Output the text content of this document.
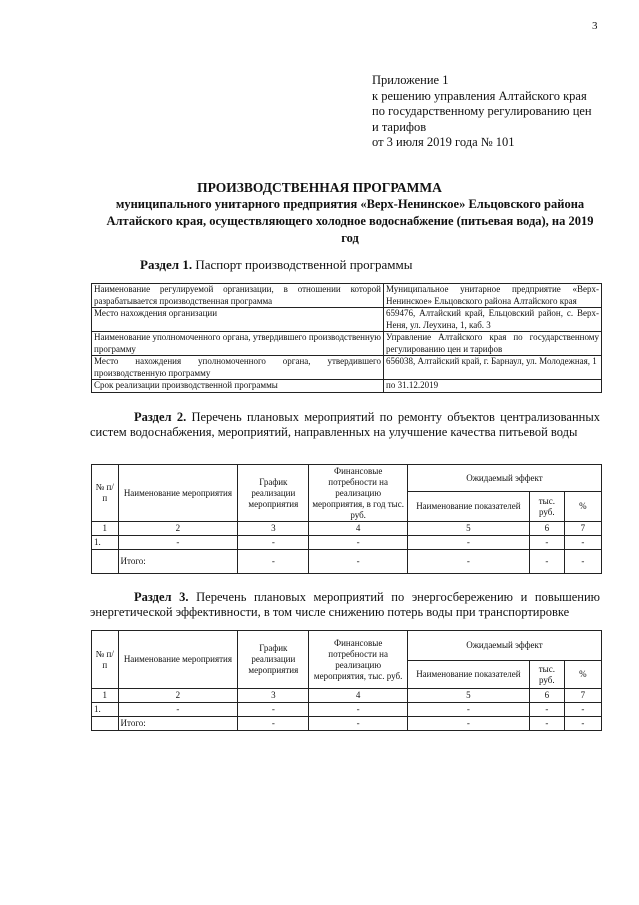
3
Приложение 1
к решению управления Алтайского края
по государственному регулированию цен
и тарифов
от 3 июля 2019 года № 101
ПРОИЗВОДСТВЕННАЯ ПРОГРАММА
муниципального унитарного предприятия «Верх-Ненинское» Ельцовского района Алтайского края, осуществляющего холодное водоснабжение (питьевая вода), на 2019 год
Раздел 1. Паспорт производственной программы
Наименование регулируемой организации, в отношении которой разрабатывается производственная программа	Муниципальное унитарное предприятие «Верх-Ненинское» Ельцовского района Алтайского края
Место нахождения организации	659476, Алтайский край, Ельцовский район, с. Верх-Неня, ул. Леухина, 1, каб. 3
Наименование уполномоченного органа, утвердившего производственную программу	Управление Алтайского края по государственному регулированию цен и тарифов
Место нахождения уполномоченного органа, утвердившего производственную программу	656038, Алтайский край, г. Барнаул, ул. Молодежная, 1
Срок реализации производственной программы	по 31.12.2019
Раздел 2. Перечень плановых мероприятий по ремонту объектов централизованных систем водоснабжения, мероприятий, направленных на улучшение качества питьевой воды
№ п/п	Наименование мероприятия	График реализации мероприятия	Финансовые потребности на реализацию мероприятия, в год тыс. руб.	Ожидаемый эффект		
				Наименование показателей	тыс. руб.	%
1	2	3	4	5	6	7
1.	-	-	-	-	-	-
	Итого:	-	-	-	-	-
Раздел 3. Перечень плановых мероприятий по энергосбережению и повышению энергетической эффективности, в том числе снижению потерь воды при транспортировке
№ п/п	Наименование мероприятия	График реализации мероприятия	Финансовые потребности на реализацию мероприятия, тыс. руб.	Ожидаемый эффект		
				Наименование показателей	тыс. руб.	%
1	2	3	4	5	6	7
1.	-	-	-	-	-	-
	Итого:	-	-	-	-	-
